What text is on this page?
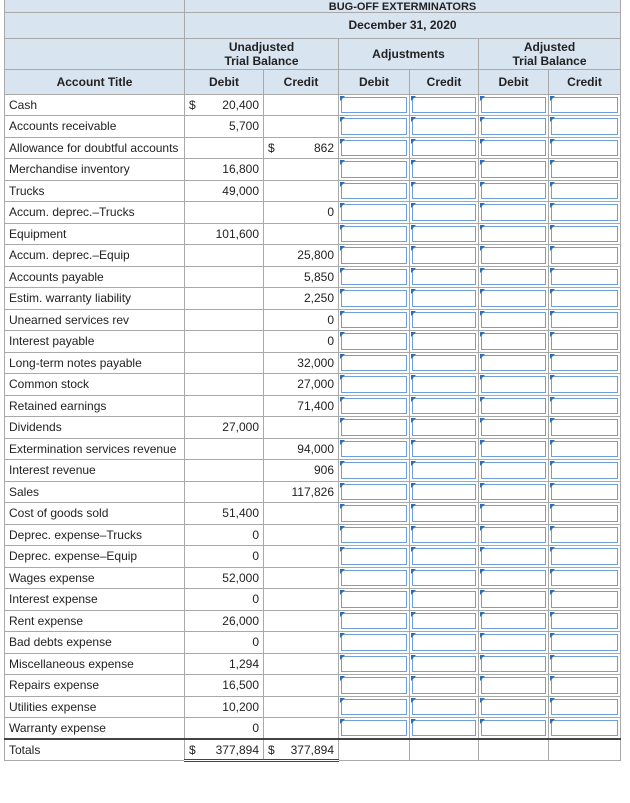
	BUG-OFF EXTERMINATORS					
	December 31, 2020					
	Unadjusted
Trial Balance		Adjustments		Adjusted
Trial Balance	
Account Title	Debit	Credit	Debit	Credit	Debit	Credit
Cash	$ 20,400	

Accounts receivable	5,700	

Allowance for doubtful accounts		$ 862	

Merchandise inventory	16,800	

Trucks	49,000	

Accum. deprec.–Trucks		0	

Equipment	101,600	

Accum. deprec.–Equip		25,800	

Accounts payable		5,850	

Estim. warranty liability		2,250	

Unearned services rev		0	

Interest payable		0	

Long-term notes payable		32,000	

Common stock		27,000	

Retained earnings		71,400	

Dividends	27,000	

Extermination services revenue		94,000	

Interest revenue		906	

Sales		117,826	

Cost of goods sold	51,400	

Deprec. expense–Trucks	0	

Deprec. expense–Equip	0	

Wages expense	52,000	

Interest expense	0	

Rent expense	26,000	

Bad debts expense	0	

Miscellaneous expense	1,294	

Repairs expense	16,500	

Utilities expense	10,200	

Warranty expense	0	

Totals	$ 377,894	$ 377,894				
